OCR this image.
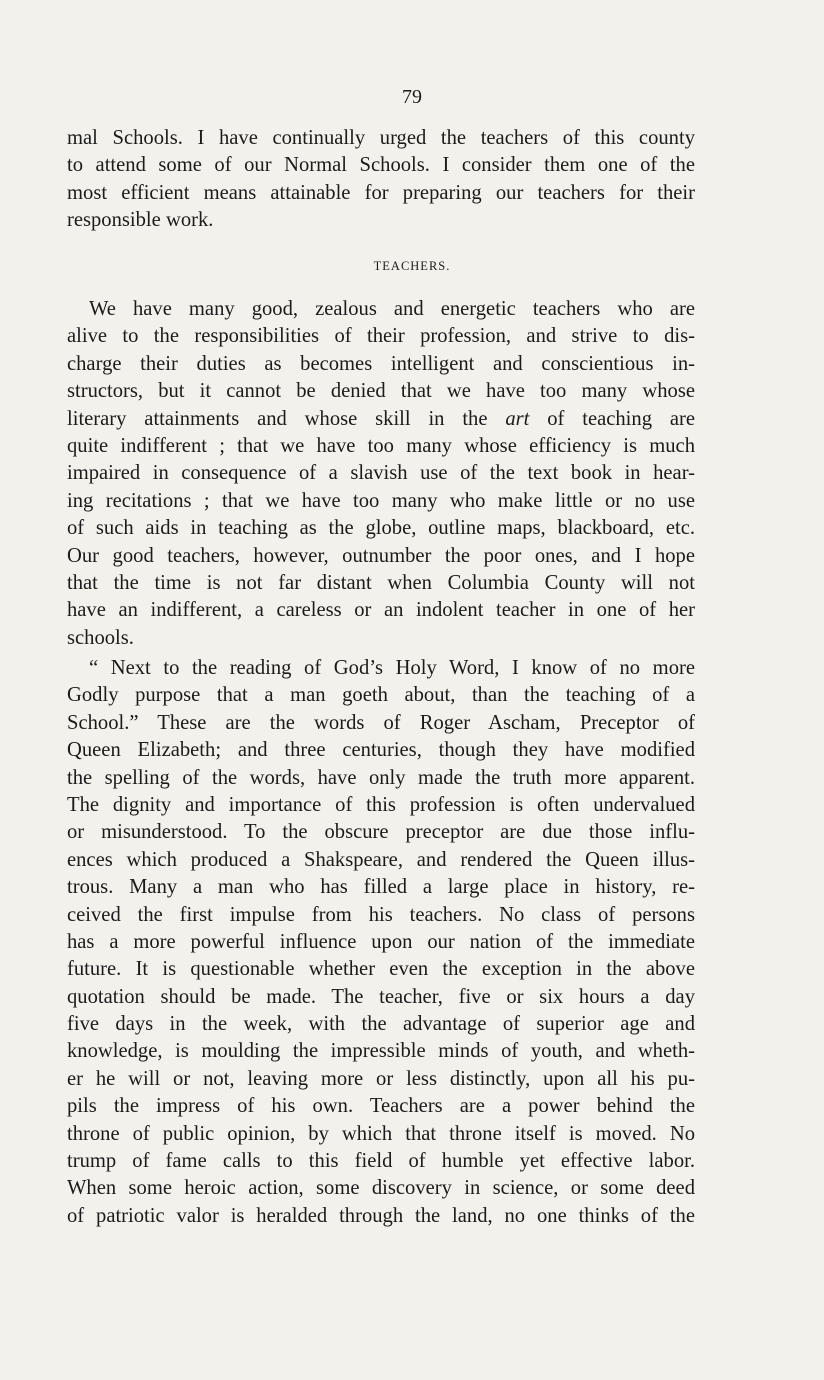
79
mal Schools. I have continually urged the teachers of this county
to attend some of our Normal Schools. I consider them one of the
most efficient means attainable for preparing our teachers for their
responsible work.
TEACHERS.
We have many good, zealous and energetic teachers who are
alive to the responsibilities of their profession, and strive to dis-
charge their duties as becomes intelligent and conscientious in-
structors, but it cannot be denied that we have too many whose
literary attainments and whose skill in the art of teaching are
quite indifferent ; that we have too many whose efficiency is much
impaired in consequence of a slavish use of the text book in hear-
ing recitations ; that we have too many who make little or no use
of such aids in teaching as the globe, outline maps, blackboard, etc.
Our good teachers, however, outnumber the poor ones, and I hope
that the time is not far distant when Columbia County will not
have an indifferent, a careless or an indolent teacher in one of her
schools.
“ Next to the reading of God’s Holy Word, I know of no more
Godly purpose that a man goeth about, than the teaching of a
School.” These are the words of Roger Ascham, Preceptor of
Queen Elizabeth; and three centuries, though they have modified
the spelling of the words, have only made the truth more apparent.
The dignity and importance of this profession is often undervalued
or misunderstood. To the obscure preceptor are due those influ-
ences which produced a Shakspeare, and rendered the Queen illus-
trous. Many a man who has filled a large place in history, re-
ceived the first impulse from his teachers. No class of persons
has a more powerful influence upon our nation of the immediate
future. It is questionable whether even the exception in the above
quotation should be made. The teacher, five or six hours a day
five days in the week, with the advantage of superior age and
knowledge, is moulding the impressible minds of youth, and wheth-
er he will or not, leaving more or less distinctly, upon all his pu-
pils the impress of his own. Teachers are a power behind the
throne of public opinion, by which that throne itself is moved. No
trump of fame calls to this field of humble yet effective labor.
When some heroic action, some discovery in science, or some deed
of patriotic valor is heralded through the land, no one thinks of the
